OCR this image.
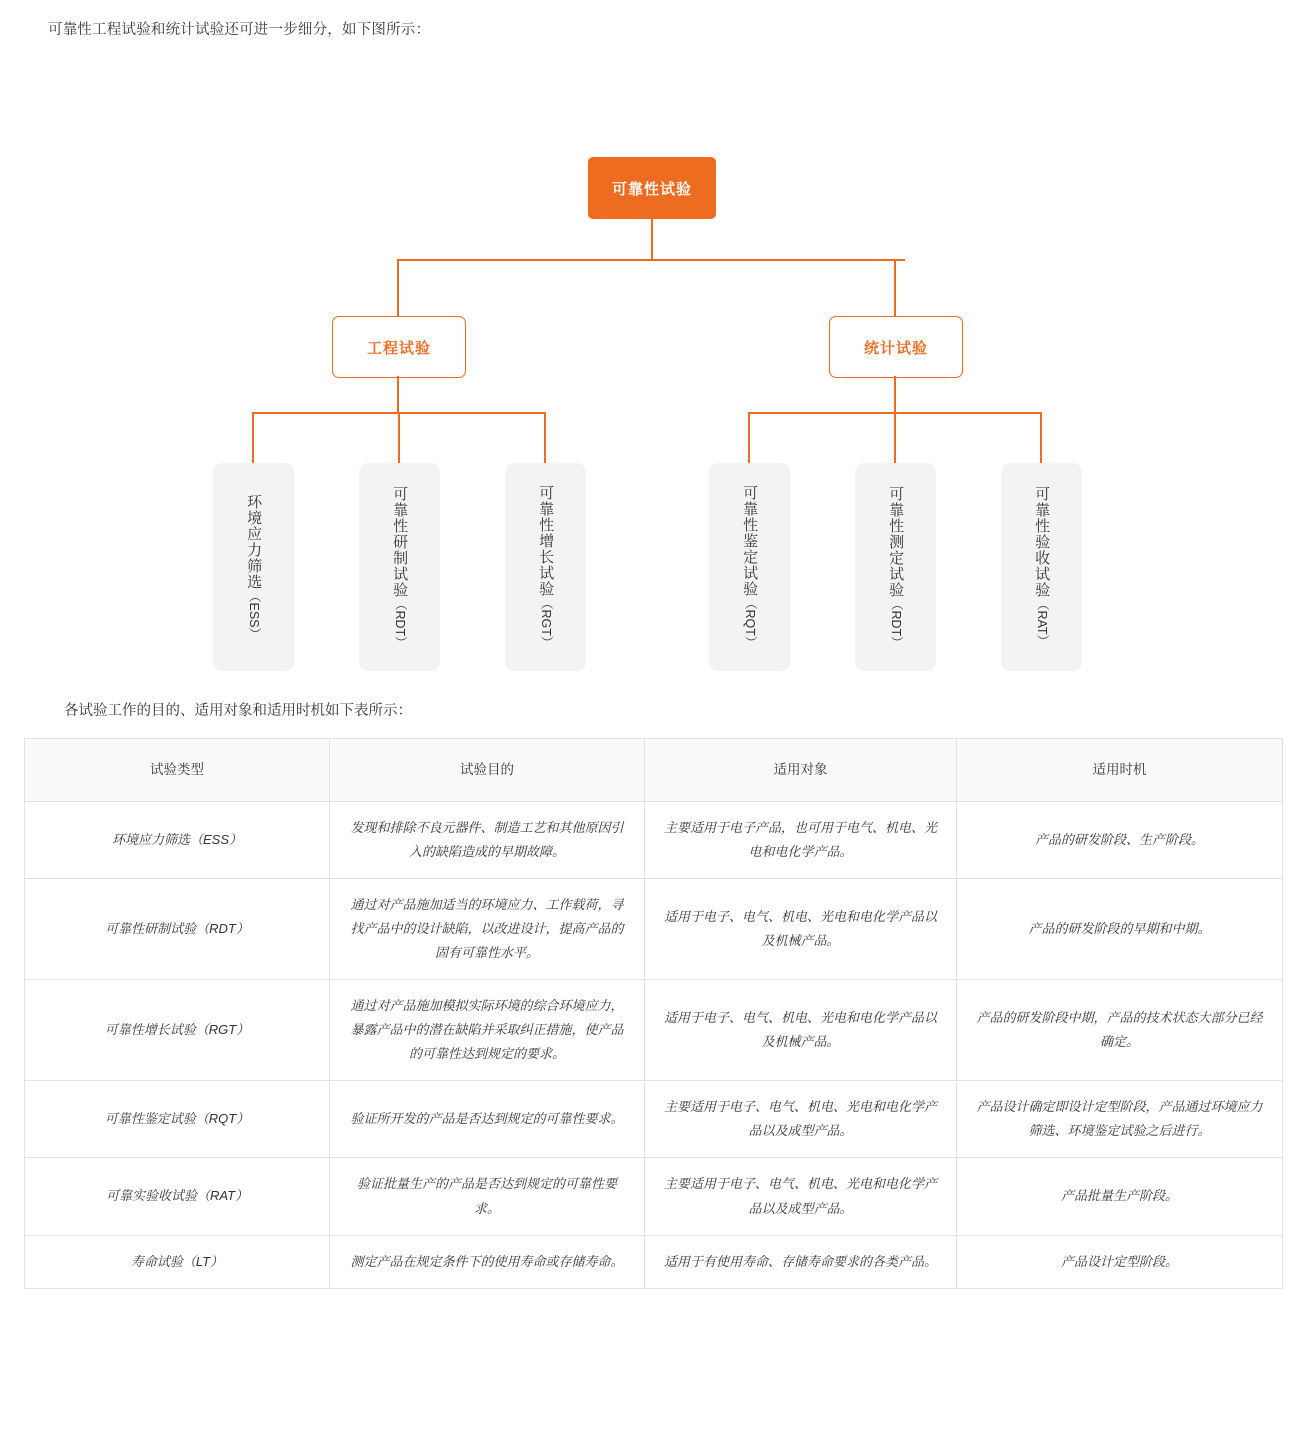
可靠性工程试验和统计试验还可进一步细分，如下图所示：
可靠性试验
工程试验	统计试验
环境应力筛选
（ESS）
可靠性研制试验
（RDT）
可靠性增长试验
（RGT）
可靠性鉴定试验
（RQT）
可靠性测定试验
（RDT）
可靠性验收试验
（RAT）
各试验工作的目的、适用对象和适用时机如下表所示：
试验类型	试验目的	适用对象	适用时机
环境应力筛选（ESS）	发现和排除不良元器件、制造工艺和其他原因引入的缺陷造成的早期故障。	主要适用于电子产品，也可用于电气、机电、光电和电化学产品。	产品的研发阶段、生产阶段。
可靠性研制试验（RDT）	通过对产品施加适当的环境应力、工作载荷，寻找产品中的设计缺陷，以改进设计，提高产品的固有可靠性水平。	适用于电子、电气、机电、光电和电化学产品以及机械产品。	产品的研发阶段的早期和中期。
可靠性增长试验（RGT）	通过对产品施加模拟实际环境的综合环境应力，暴露产品中的潜在缺陷并采取纠正措施，使产品的可靠性达到规定的要求。	适用于电子、电气、机电、光电和电化学产品以及机械产品。	产品的研发阶段中期，产品的技术状态大部分已经确定。
可靠性鉴定试验（RQT）	验证所开发的产品是否达到规定的可靠性要求。	主要适用于电子、电气、机电、光电和电化学产品以及成型产品。	产品设计确定即设计定型阶段，产品通过环境应力筛选、环境鉴定试验之后进行。
可靠实验收试验（RAT）	验证批量生产的产品是否达到规定的可靠性要求。	主要适用于电子、电气、机电、光电和电化学产品以及成型产品。	产品批量生产阶段。
寿命试验（LT）	测定产品在规定条件下的使用寿命或存储寿命。	适用于有使用寿命、存储寿命要求的各类产品。	产品设计定型阶段。
